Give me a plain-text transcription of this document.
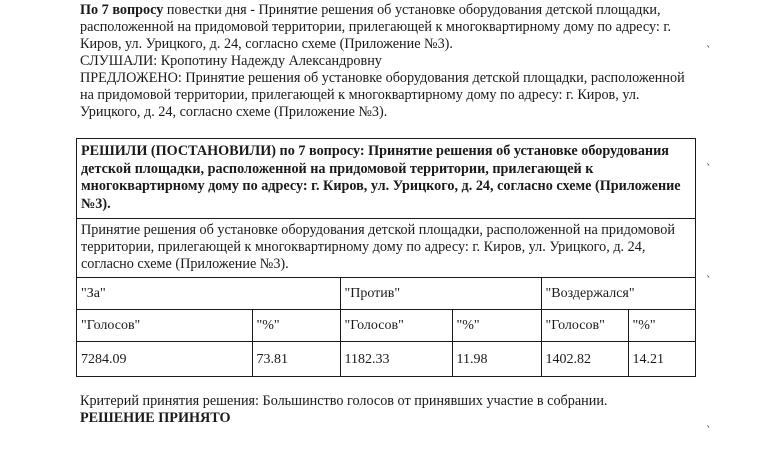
По 7 вопросу повестки дня - Принятие решения об установке оборудования детской площадки, расположенной на придомовой территории, прилегающей к многоквартирному дому по адресу: г. Киров, ул. Урицкого, д. 24, согласно схеме (Приложение №3).

СЛУШАЛИ: Кропотину Надежду Александровну

ПРЕДЛОЖЕНО: Принятие решения об установке оборудования детской площадки, расположенной на придомовой территории, прилегающей к многоквартирному дому по адресу: г. Киров, ул. Урицкого, д. 24, согласно схеме (Приложение №3).

РЕШИЛИ (ПОСТАНОВИЛИ) по 7 вопросу: Принятие решения об установке оборудования детской площадки, расположенной на придомовой территории, прилегающей к многоквартирному дому по адресу: г. Киров, ул. Урицкого, д. 24, согласно схеме (Приложение №3).
Принятие решения об установке оборудования детской площадки, расположенной на придомовой территории, прилегающей к многоквартирному дому по адресу: г. Киров, ул. Урицкого, д. 24, согласно схеме (Приложение №3).
"За"		"Против"		"Воздержался"	
"Голосов"	"%"	"Голосов"	"%"	"Голосов"	"%"
7284.09	73.81	1182.33	11.98	1402.82	14.21

Критерий принятия решения: Большинство голосов от принявших участие в собрании.

РЕШЕНИЕ ПРИНЯТО

ˋ
ˋ
ˋ
ˋ
